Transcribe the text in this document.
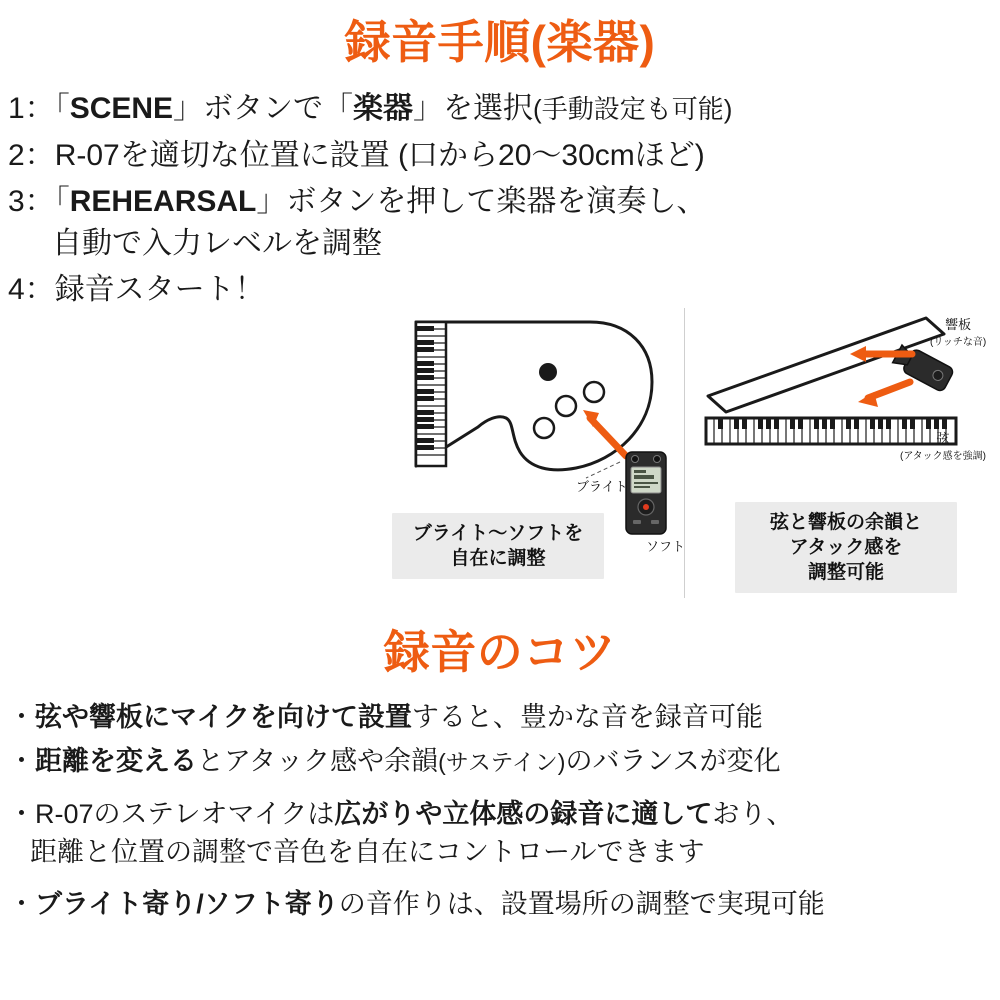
録音手順(楽器)
1：「SCENE」ボタンで「楽器」を選択(手動設定も可能)
2：R-07を適切な位置に設置 (口から20〜30cmほど)
3：「REHEARSAL」ボタンを押して楽器を演奏し、
自動で入力レベルを調整
4：録音スタート！
ブライト
ソフト
ブライト〜ソフトを
自在に調整
響板
(リッチな音)
弦
(アタック感を強調)
弦と響板の余韻と
アタック感を
調整可能
録音のコツ
・弦や響板にマイクを向けて設置すると、豊かな音を録音可能
・距離を変えるとアタック感や余韻(サステイン)のバランスが変化
・R-07のステレオマイクは広がりや立体感の録音に適しており、
距離と位置の調整で音色を自在にコントロールできます
・ブライト寄り/ソフト寄りの音作りは、設置場所の調整で実現可能
